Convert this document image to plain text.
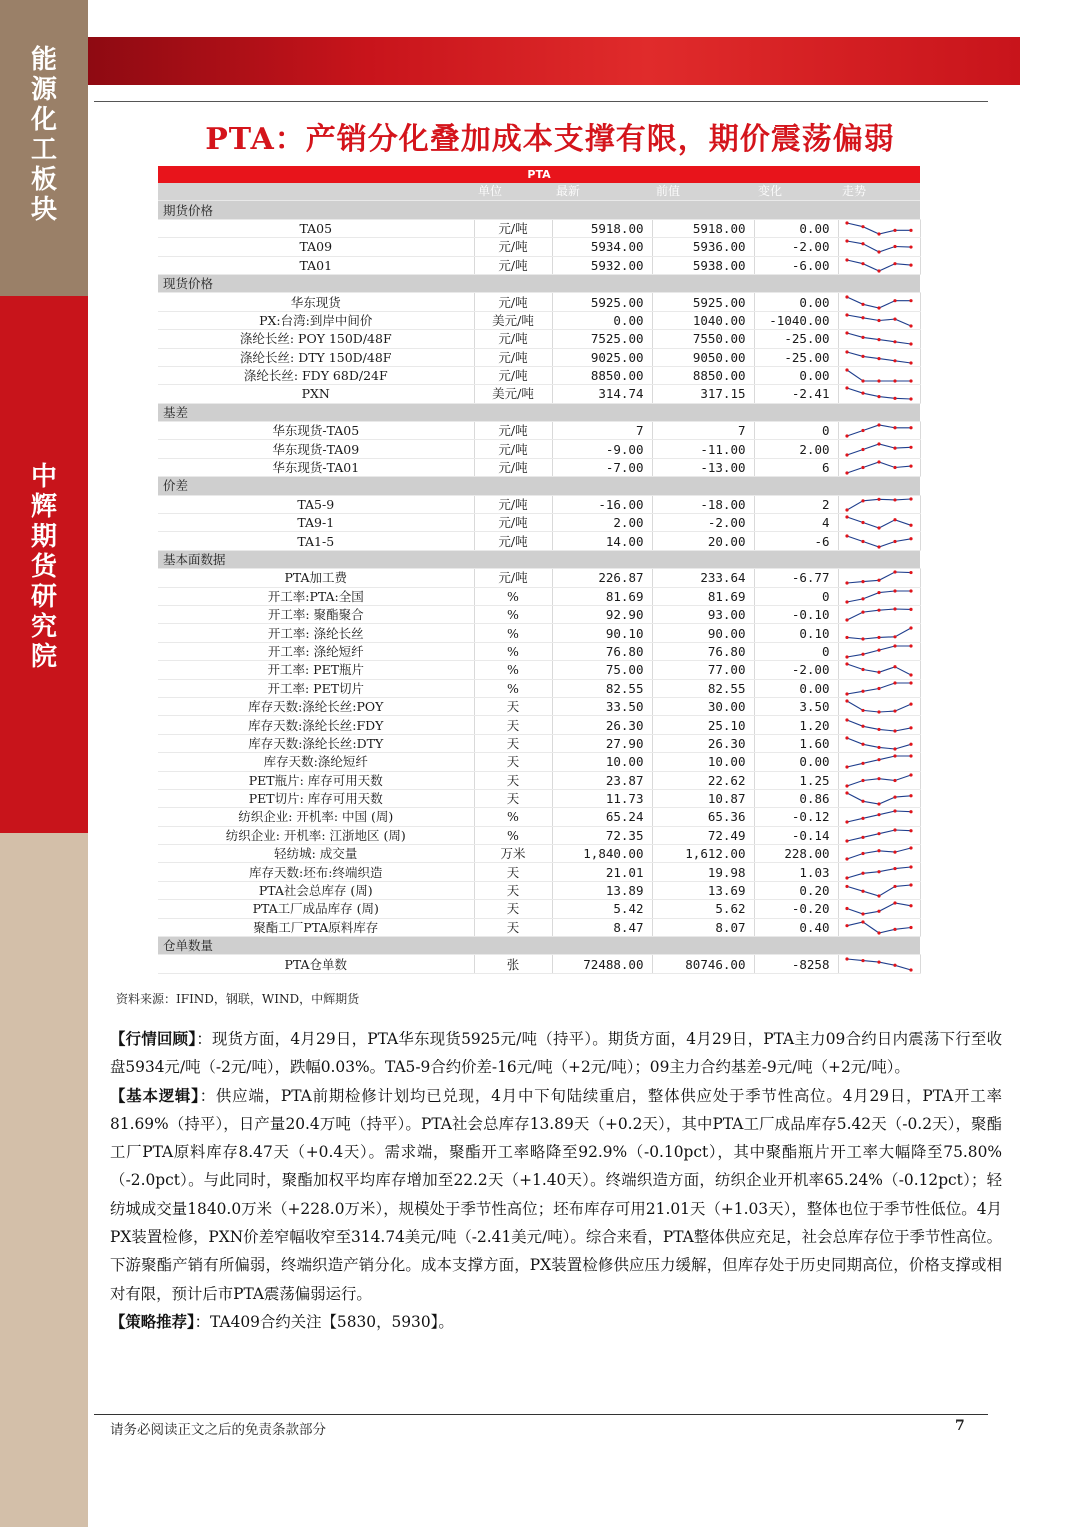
能
源
化
工
板
块
中
辉
期
货
研
究
院
PTA：产销分化叠加成本支撑有限，期价震荡偏弱
PTA					
	单位	最新	前值	变化	走势
期货价格					
TA05	元/吨	5918.00	5918.00	0.00	

TA09	元/吨	5934.00	5936.00	-2.00	

TA01	元/吨	5932.00	5938.00	-6.00	

现货价格					
华东现货	元/吨	5925.00	5925.00	0.00	

PX:台湾:到岸中间价	美元/吨	0.00	1040.00	-1040.00	

涤纶长丝: POY 150D/48F	元/吨	7525.00	7550.00	-25.00	

涤纶长丝: DTY 150D/48F	元/吨	9025.00	9050.00	-25.00	

涤纶长丝: FDY 68D/24F	元/吨	8850.00	8850.00	0.00	

PXN	美元/吨	314.74	317.15	-2.41	

基差					
华东现货-TA05	元/吨	7	7	0	

华东现货-TA09	元/吨	-9.00	-11.00	2.00	

华东现货-TA01	元/吨	-7.00	-13.00	6	

价差					
TA5-9	元/吨	-16.00	-18.00	2	

TA9-1	元/吨	2.00	-2.00	4	

TA1-5	元/吨	14.00	20.00	-6	

基本面数据					
PTA加工费	元/吨	226.87	233.64	-6.77	

开工率:PTA:全国	%	81.69	81.69	0	

开工率: 聚酯聚合	%	92.90	93.00	-0.10	

开工率: 涤纶长丝	%	90.10	90.00	0.10	

开工率: 涤纶短纤	%	76.80	76.80	0	

开工率: PET瓶片	%	75.00	77.00	-2.00	

开工率: PET切片	%	82.55	82.55	0.00	

库存天数:涤纶长丝:POY	天	33.50	30.00	3.50	

库存天数:涤纶长丝:FDY	天	26.30	25.10	1.20	

库存天数:涤纶长丝:DTY	天	27.90	26.30	1.60	

库存天数:涤纶短纤	天	10.00	10.00	0.00	

PET瓶片: 库存可用天数	天	23.87	22.62	1.25	

PET切片: 库存可用天数	天	11.73	10.87	0.86	

纺织企业: 开机率: 中国 (周)	%	65.24	65.36	-0.12	

纺织企业: 开机率: 江浙地区 (周)	%	72.35	72.49	-0.14	

轻纺城: 成交量	万米	1,840.00	1,612.00	228.00	

库存天数:坯布:终端织造	天	21.01	19.98	1.03	

PTA社会总库存 (周)	天	13.89	13.69	0.20	

PTA工厂成品库存 (周)	天	5.42	5.62	-0.20	

聚酯工厂PTA原料库存	天	8.47	8.07	0.40	

仓单数量					
PTA仓单数	张	72488.00	80746.00	-8258	
资料来源：IFIND，钢联，WIND，中辉期货

【行情回顾】：现货方面，4月29日，PTA华东现货5925元/吨（持平）。期货方面，4月29日，PTA主力09合约日内震荡下行至收盘5934元/吨（-2元/吨），跌幅0.03%。TA5-9合约价差-16元/吨（+2元/吨）；09主力合约基差-9元/吨（+2元/吨）。

【基本逻辑】：供应端，PTA前期检修计划均已兑现，4月中下旬陆续重启，整体供应处于季节性高位。4月29日，PTA开工率81.69%（持平），日产量20.4万吨（持平）。PTA社会总库存13.89天（+0.2天），其中PTA工厂成品库存5.42天（-0.2天），聚酯工厂PTA原料库存8.47天（+0.4天）。需求端，聚酯开工率略降至92.9%（-0.10pct），其中聚酯瓶片开工率大幅降至75.80%（-2.0pct）。与此同时，聚酯加权平均库存增加至22.2天（+1.40天）。终端织造方面，纺织企业开机率65.24%（-0.12pct）；轻纺城成交量1840.0万米（+228.0万米），规模处于季节性高位；坯布库存可用21.01天（+1.03天），整体也位于季节性低位。4月PX装置检修，PXN价差窄幅收窄至314.74美元/吨（-2.41美元/吨）。综合来看，PTA整体供应充足，社会总库存位于季节性高位。下游聚酯产销有所偏弱，终端织造产销分化。成本支撑方面，PX装置检修供应压力缓解，但库存处于历史同期高位，价格支撑或相对有限，预计后市PTA震荡偏弱运行。

【策略推荐】：TA409合约关注【5830，5930】。

请务必阅读正文之后的免责条款部分	7
